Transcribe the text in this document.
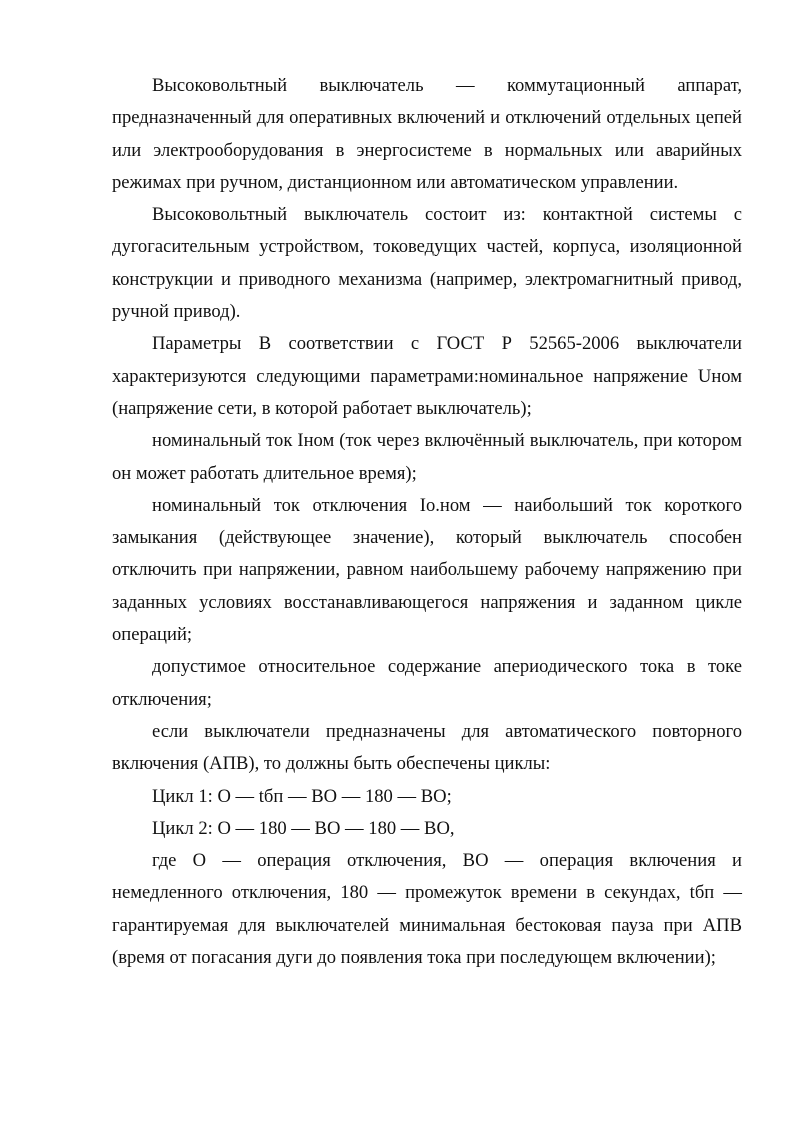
Высоковольтный выключатель — коммутационный аппарат, предназначенный для оперативных включений и отключений отдельных цепей или электрооборудования в энергосистеме в нормальных или аварийных режимах при ручном, дистанционном или автоматическом управлении.

Высоковольтный выключатель состоит из: контактной системы с дугогасительным устройством, токоведущих частей, корпуса, изоляционной конструкции и приводного механизма (например, электромагнитный привод, ручной привод).

Параметры В соответствии с ГОСТ Р 52565-2006 выключатели характеризуются следующими параметрами:номинальное напряжение Uном (напряжение сети, в которой работает выключатель);

номинальный ток Iном (ток через включённый выключатель, при котором он может работать длительное время);

номинальный ток отключения Iо.ном — наибольший ток короткого замыкания (действующее значение), который выключатель способен отключить при напряжении, равном наибольшему рабочему напряжению при заданных условиях восстанавливающегося напряжения и заданном цикле операций;

допустимое относительное содержание апериодического тока в токе отключения;

если выключатели предназначены для автоматического повторного включения (АПВ), то должны быть обеспечены циклы:

Цикл 1: О — tбп — ВО — 180 — ВО;

Цикл 2: О — 180 — ВО — 180 — ВО,

где О — операция отключения, ВО — операция включения и немедленного отключения, 180 — промежуток времени в секундах, tбп — гарантируемая для выключателей минимальная бестоковая пауза при АПВ (время от погасания дуги до появления тока при последующем включении);
